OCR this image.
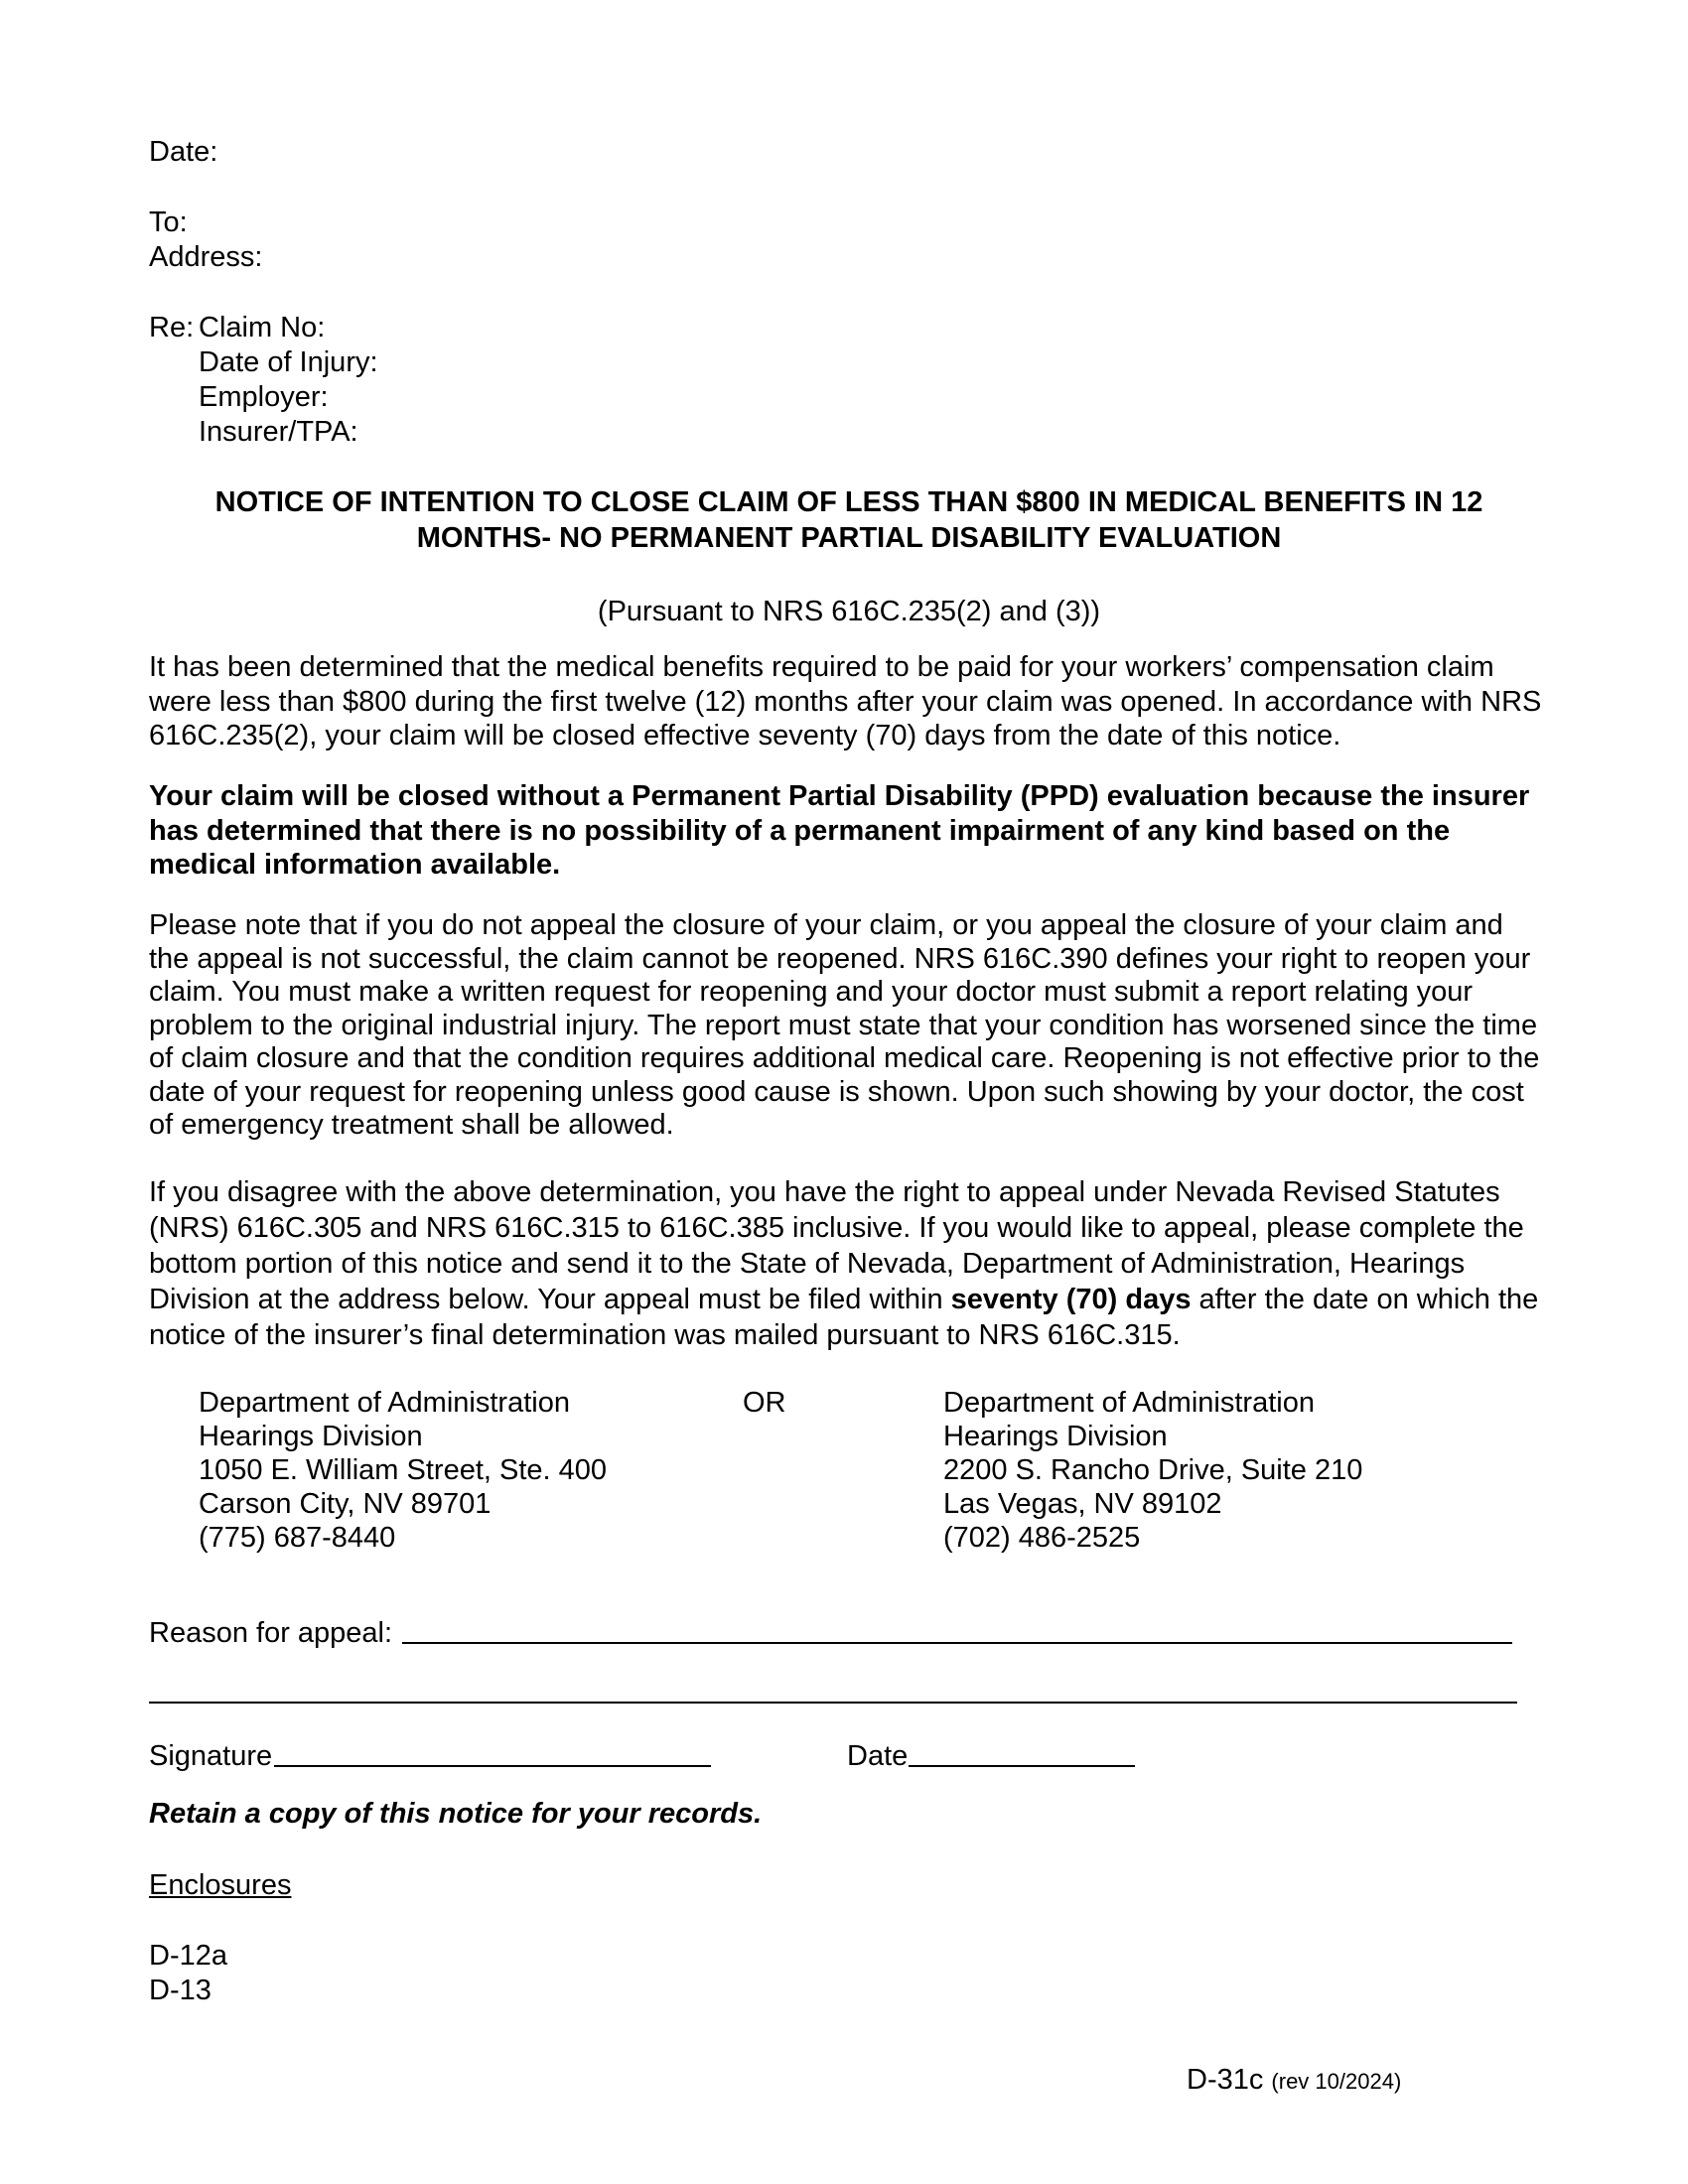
Date:
To:
Address:
Re: Claim No:
Date of Injury:
Employer:
Insurer/TPA:
NOTICE OF INTENTION TO CLOSE CLAIM OF LESS THAN $800 IN MEDICAL BENEFITS IN 12
MONTHS- NO PERMANENT PARTIAL DISABILITY EVALUATION
(Pursuant to NRS 616C.235(2) and (3))

It has been determined that the medical benefits required to be paid for your workers’ compensation claim were less than $800 during the first twelve (12) months after your claim was opened. In accordance with NRS 616C.235(2), your claim will be closed effective seventy (70) days from the date of this notice.

Your claim will be closed without a Permanent Partial Disability (PPD) evaluation because the insurer has determined that there is no possibility of a permanent impairment of any kind based on the medical information available.

Please note that if you do not appeal the closure of your claim, or you appeal the closure of your claim and the appeal is not successful, the claim cannot be reopened. NRS 616C.390 defines your right to reopen your claim. You must make a written request for reopening and your doctor must submit a report relating your problem to the original industrial injury. The report must state that your condition has worsened since the time of claim closure and that the condition requires additional medical care. Reopening is not effective prior to the date of your request for reopening unless good cause is shown. Upon such showing by your doctor, the cost of emergency treatment shall be allowed.

If you disagree with the above determination, you have the right to appeal under Nevada Revised Statutes (NRS) 616C.305 and NRS 616C.315 to 616C.385 inclusive. If you would like to appeal, please complete the bottom portion of this notice and send it to the State of Nevada, Department of Administration, Hearings Division at the address below. Your appeal must be filed within seventy (70) days after the date on which the notice of the insurer’s final determination was mailed pursuant to NRS 616C.315.

Department of Administration
Hearings Division
1050 E. William Street, Ste. 400
Carson City, NV 89701
(775) 687-8440
OR	Department of Administration
Hearings Division
2200 S. Rancho Drive, Suite 210
Las Vegas, NV 89102
(702) 486-2525
Reason for appeal:
Signature	Date
Retain a copy of this notice for your records.
Enclosures
D-12a
D-13
D-31c (rev 10/2024)
